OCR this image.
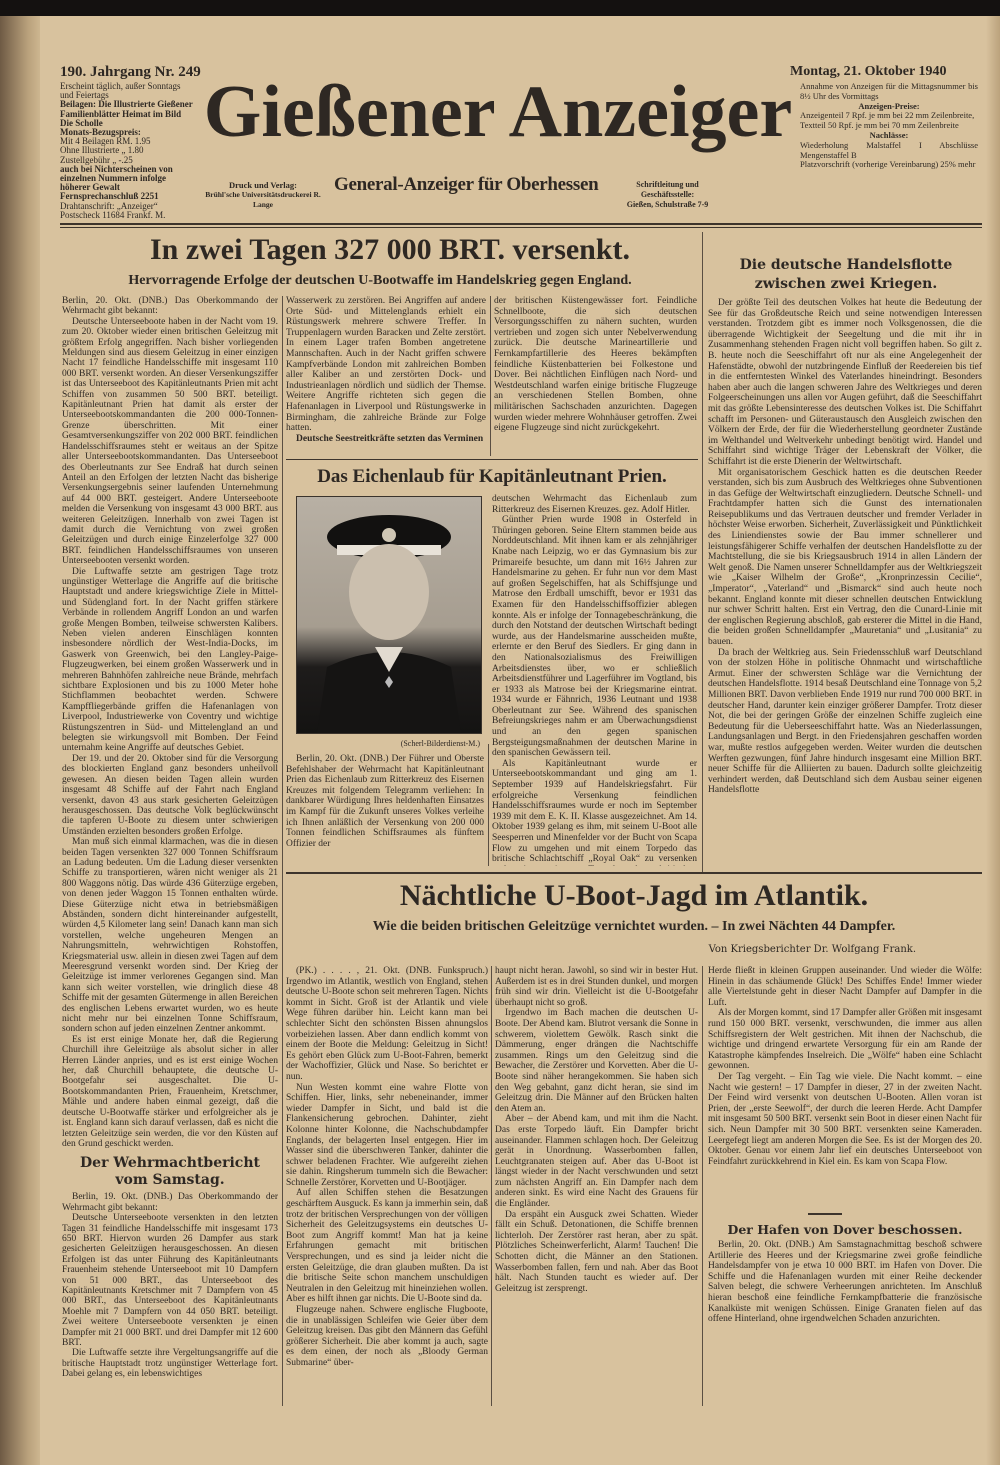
190. Jahrgang Nr. 249
Erscheint täglich, außer Sonntags und Feiertags
Beilagen: Die Illustrierte Gießener Familienblätter Heimat im Bild Die Scholle
Monats-Bezugspreis:
Mit 4 Beilagen RM. 1.95
Ohne Illustrierte „ 1.80
Zustellgebühr „ -.25
auch bei Nichterscheinen von einzelnen Nummern infolge höherer Gewalt
Fernsprechanschluß 2251
Drahtanschrift: „Anzeiger“
Postscheck 11684 Frankf. M.
Gießener Anzeiger
Druck und Verlag:
Brühl'sche Universitätsdruckerei R. Lange
General-Anzeiger für Oberhessen	Schriftleitung und Geschäftsstelle:
Gießen, Schulstraße 7-9
Montag, 21. Oktober 1940
Annahme von Anzeigen für die Mittagsnummer bis 8½ Uhr des Vormittags
Anzeigen-Preise:
Anzeigenteil 7 Rpf. je mm bei 22 mm Zeilenbreite,
Textteil 50 Rpf. je mm bei 70 mm Zeilenbreite
Nachlässe:
Wiederholung Malstaffel I Abschlüsse Mengenstaffel B
Platzvorschrift (vorherige Vereinbarung) 25% mehr
In zwei Tagen 327 000 BRT. versenkt.
Hervorragende Erfolge der deutschen U-Bootwaffe im Handelskrieg gegen England.

Berlin, 20. Okt. (DNB.) Das Oberkommando der Wehrmacht gibt bekannt:

Deutsche Unterseeboote haben in der Nacht vom 19. zum 20. Oktober wieder einen britischen Geleitzug mit größtem Erfolg angegriffen. Nach bisher vorliegenden Meldungen sind aus diesem Geleitzug in einer einzigen Nacht 17 feindliche Handelsschiffe mit insgesamt 110 000 BRT. versenkt worden. An dieser Versenkungsziffer ist das Unterseeboot des Kapitänleutnants Prien mit acht Schiffen von zusammen 50 500 BRT. beteiligt. Kapitänleutnant Prien hat damit als erster der Unterseebootskommandanten die 200 000-Tonnen-Grenze überschritten. Mit einer Gesamtversenkungsziffer von 202 000 BRT. feindlichen Handelsschiffsraumes steht er weitaus an der Spitze aller Unterseebootskommandanten. Das Unterseeboot des Oberleutnants zur See Endraß hat durch seinen Anteil an den Erfolgen der letzten Nacht das bisherige Versenkungsergebnis seiner laufenden Unternehmung auf 44 000 BRT. gesteigert. Andere Unterseeboote melden die Versenkung von insgesamt 43 000 BRT. aus weiteren Geleitzügen. Innerhalb von zwei Tagen ist damit durch die Vernichtung von zwei großen Geleitzügen und durch einige Einzelerfolge 327 000 BRT. feindlichen Handelsschiffsraumes von unseren Unterseebooten versenkt worden.

Die Luftwaffe setzte am gestrigen Tage trotz ungünstiger Wetterlage die Angriffe auf die britische Hauptstadt und andere kriegswichtige Ziele in Mittel- und Südengland fort. In der Nacht griffen stärkere Verbände in rollendem Angriff London an und warfen große Mengen Bomben, teilweise schwersten Kalibers. Neben vielen anderen Einschlägen konnten insbesondere nördlich der West-India-Docks, im Gaswerk von Greenwich, bei den Langley-Paige-Flugzeugwerken, bei einem großen Wasserwerk und in mehreren Bahnhöfen zahlreiche neue Brände, mehrfach sichtbare Explosionen und bis zu 1000 Meter hohe Stichflammen beobachtet werden. Schwere Kampffliegerbände griffen die Hafenanlagen von Liverpool, Industriewerke von Coventry und wichtige Rüstungszentren in Süd- und Mittelengland an und belegten sie wirkungsvoll mit Bomben. Der Feind unternahm keine Angriffe auf deutsches Gebiet.

Der 19. und der 20. Oktober sind für die Versorgung des blockierten England ganz besonders unheilvoll gewesen. An diesen beiden Tagen allein wurden insgesamt 48 Schiffe auf der Fahrt nach England versenkt, davon 43 aus stark gesicherten Geleitzügen herausgeschossen. Das deutsche Volk beglückwünscht die tapferen U-Boote zu diesem unter schwierigen Umständen erzielten besonders großen Erfolge.

Man muß sich einmal klarmachen, was die in diesen beiden Tagen versenkten 327 000 Tonnen Schiffsraum an Ladung bedeuten. Um die Ladung dieser versenkten Schiffe zu transportieren, wären nicht weniger als 21 800 Waggons nötig. Das würde 436 Güterzüge ergeben, von denen jeder Waggon 15 Tonnen enthalten würde. Diese Güterzüge nicht etwa in betriebsmäßigen Abständen, sondern dicht hintereinander aufgestellt, würden 4,5 Kilometer lang sein! Danach kann man sich vorstellen, welche ungeheuren Mengen an Nahrungsmitteln, wehrwichtigen Rohstoffen, Kriegsmaterial usw. allein in diesen zwei Tagen auf dem Meeresgrund versenkt worden sind. Der Krieg der Geleitzüge ist immer verlorenes Gegangen sind. Man kann sich weiter vorstellen, wie dringlich diese 48 Schiffe mit der gesamten Gütermenge in allen Bereichen des englischen Lebens erwartet wurden, wo es heute nicht mehr nur bei einzelnen Tonne Schiffsraum, sondern schon auf jeden einzelnen Zentner ankommt.

Es ist erst einige Monate her, daß die Regierung Churchill ihre Geleitzüge als absolut sicher in aller Herren Länder anpries, und es ist erst einige Wochen her, daß Churchill behauptete, die deutsche U-Bootgefahr sei ausgeschaltet. Die U-Bootskommandanten Prien, Frauenheim, Kretschmer, Mähle und andere haben einmal gezeigt, daß die deutsche U-Bootwaffe stärker und erfolgreicher als je ist. England kann sich darauf verlassen, daß es nicht die letzten Geleitzüge sein werden, die vor den Küsten auf den Grund geschickt werden.

Der Wehrmachtbericht vom Samstag.

Berlin, 19. Okt. (DNB.) Das Oberkommando der Wehrmacht gibt bekannt:

Deutsche Unterseeboote versenkten in den letzten Tagen 31 feindliche Handelsschiffe mit insgesamt 173 650 BRT. Hiervon wurden 26 Dampfer aus stark gesicherten Geleitzügen herausgeschossen. An diesen Erfolgen ist das unter Führung des Kapitänleutnants Frauenheim stehende Unterseeboot mit 10 Dampfern von 51 000 BRT., das Unterseeboot des Kapitänleutnants Kretschmer mit 7 Dampfern von 45 000 BRT., das Unterseeboot des Kapitänleutnants Moehle mit 7 Dampfern von 44 050 BRT. beteiligt. Zwei weitere Unterseeboote versenkten je einen Dampfer mit 21 000 BRT. und drei Dampfer mit 12 600 BRT.

Die Luftwaffe setzte ihre Vergeltungsangriffe auf die britische Hauptstadt trotz ungünstiger Wetterlage fort. Dabei gelang es, ein lebenswichtiges

Wasserwerk zu zerstören. Bei Angriffen auf andere Orte Süd- und Mittelenglands erhielt ein Rüstungswerk mehrere schwere Treffer. In Truppenlagern wurden Baracken und Zelte zerstört. In einem Lager trafen Bomben angetretene Mannschaften. Auch in der Nacht griffen schwere Kampfverbände London mit zahlreichen Bomben aller Kaliber an und zerstörten Dock- und Industrieanlagen nördlich und südlich der Themse. Weitere Angriffe richteten sich gegen die Hafenanlagen in Liverpool und Rüstungswerke in Birmingham, die zahlreiche Brände zur Folge hatten.

Deutsche Seestreitkräfte setzten das Verminen

der britischen Küstengewässer fort. Feindliche Schnellboote, die sich deutschen Versorgungsschiffen zu nähern suchten, wurden vertrieben und zogen sich unter Nebelverwendung zurück. Die deutsche Marineartillerie und Fernkampfartillerie des Heeres bekämpften feindliche Küstenbatterien bei Folkestone und Dover. Bei nächtlichen Einflügen nach Nord- und Westdeutschland warfen einige britische Flugzeuge an verschiedenen Stellen Bomben, ohne militärischen Sachschaden anzurichten. Dagegen wurden wieder mehrere Wohnhäuser getroffen. Zwei eigene Flugzeuge sind nicht zurückgekehrt.

Das Eichenlaub für Kapitänleutnant Prien.
(Scherl-Bilderdienst-M.)

deutschen Wehrmacht das Eichenlaub zum Ritterkreuz des Eisernen Kreuzes. gez. Adolf Hitler.

Günther Prien wurde 1908 in Osterfeld in Thüringen geboren. Seine Eltern stammen beide aus Norddeutschland. Mit ihnen kam er als zehnjähriger Knabe nach Leipzig, wo er das Gymnasium bis zur Primareife besuchte, um dann mit 16½ Jahren zur Handelsmarine zu gehen. Er fuhr nun vor dem Mast auf großen Segelschiffen, hat als Schiffsjunge und Matrose den Erdball umschifft, bevor er 1931 das Examen für den Handelsschiffsoffizier ablegen konnte. Als er infolge der Tonnagebeschränkung, die durch den Notstand der deutschen Wirtschaft bedingt wurde, aus der Handelsmarine ausscheiden mußte, erlernte er den Beruf des Siedlers. Er ging dann in den Nationalsozialismus des Freiwilligen Arbeitsdienstes über, wo er schließlich Arbeitsdienstführer und Lagerführer im Vogtland, bis er 1933 als Matrose bei der Kriegsmarine eintrat. 1934 wurde er Fähnrich, 1936 Leutnant und 1938 Oberleutnant zur See. Während des spanischen Befreiungskrieges nahm er am Überwachungsdienst und an den gegen spanischen Bergsteigungsmaßnahmen der deutschen Marine in den spanischen Gewässern teil.

Als Kapitänleutnant wurde er Unterseebootskommandant und ging am 1. September 1939 auf Handelskriegsfahrt. Für erfolgreiche Versenkung feindlichen Handelsschiffsraumes wurde er noch im September 1939 mit dem E. K. II. Klasse ausgezeichnet. Am 14. Oktober 1939 gelang es ihm, mit seinem U-Boot alle Seesperren und Minenfelder vor der Bucht von Scapa Flow zu umgehen und mit einem Torpedo das britische Schlachtschiff „Royal Oak“ zu versenken

Berlin, 20. Okt. (DNB.) Der Führer und Oberste Befehlshaber der Wehrmacht hat Kapitänleutnant Prien das Eichenlaub zum Ritterkreuz des Eisernen Kreuzes mit folgendem Telegramm verliehen: In dankbarer Würdigung Ihres heldenhaften Einsatzes im Kampf für die Zukunft unseres Volkes verleihe ich Ihnen anläßlich der Versenkung von 200 000 Tonnen feindlichen Schiffsraumes als fünftem Offizier der

Die deutsche Handelsflotte zwischen zwei Kriegen.

Der größte Teil des deutschen Volkes hat heute die Bedeutung der See für das Großdeutsche Reich und seine notwendigen Interessen verstanden. Trotzdem gibt es immer noch Volksgenossen, die die überragende Wichtigkeit der Seegeltung und die mit ihr in Zusammenhang stehenden Fragen nicht voll begriffen haben. So gilt z. B. heute noch die Seeschiffahrt oft nur als eine Angelegenheit der Hafenstädte, obwohl der nutzbringende Einfluß der Reedereien bis tief in die entferntesten Winkel des Vaterlandes hineindringt. Besonders haben aber auch die langen schweren Jahre des Weltkrieges und deren Folgeerscheinungen uns allen vor Augen geführt, daß die Seeschiffahrt mit das größte Lebensinteresse des deutschen Volkes ist. Die Schiffahrt schafft im Personen- und Güteraustausch den Ausgleich zwischen den Völkern der Erde, der für die Wiederherstellung geordneter Zustände im Welthandel und Weltverkehr unbedingt benötigt wird. Handel und Schiffahrt sind wichtige Träger der Lebenskraft der Völker, die Schiffahrt ist die erste Dienerin der Weltwirtschaft.

Mit organisatorischem Geschick hatten es die deutschen Reeder verstanden, sich bis zum Ausbruch des Weltkrieges ohne Subventionen in das Gefüge der Weltwirtschaft einzugliedern. Deutsche Schnell- und Frachtdampfer hatten sich die Gunst des internationalen Reisepublikums und das Vertrauen deutscher und fremder Verlader in höchster Weise erworben. Sicherheit, Zuverlässigkeit und Pünktlichkeit des Liniendienstes sowie der Bau immer schnellerer und leistungsfähigerer Schiffe verhalfen der deutschen Handelsflotte zu der Machtstellung, die sie bis Kriegsausbruch 1914 in allen Ländern der Welt genoß. Die Namen unserer Schnelldampfer aus der Weltkriegszeit wie „Kaiser Wilhelm der Große“, „Kronprinzessin Cecilie“, „Imperator“, „Vaterland“ und „Bismarck“ sind auch heute noch bekannt. England konnte mit dieser schnellen deutschen Entwicklung nur schwer Schritt halten. Erst ein Vertrag, den die Cunard-Linie mit der englischen Regierung abschloß, gab ersterer die Mittel in die Hand, die beiden großen Schnelldampfer „Mauretania“ und „Lusitania“ zu bauen.

Da brach der Weltkrieg aus. Sein Friedensschluß warf Deutschland von der stolzen Höhe in politische Ohnmacht und wirtschaftliche Armut. Einer der schwersten Schläge war die Vernichtung der deutschen Handelsflotte. 1914 besaß Deutschland eine Tonnage von 5,2 Millionen BRT. Davon verblieben Ende 1919 nur rund 700 000 BRT. in deutscher Hand, darunter kein einziger größerer Dampfer. Trotz dieser Not, die bei der geringen Größe der einzelnen Schiffe zugleich eine Bedeutung für die Ueberseeschiffahrt hatte. Was an Niederlassungen, Landungsanlagen und Bergt. in den Friedensjahren geschaffen worden war, mußte restlos aufgegeben werden. Weiter wurden die deutschen Werften gezwungen, fünf Jahre hindurch insgesamt eine Million BRT. neuer Schiffe für die Alliierten zu bauen. Dadurch sollte gleichzeitig verhindert werden, daß Deutschland sich dem Ausbau seiner eigenen Handelsflotte

Nächtliche U-Boot-Jagd im Atlantik.
Wie die beiden britischen Geleitzüge vernichtet wurden. – In zwei Nächten 44 Dampfer.
Von Kriegsberichter Dr. Wolfgang Frank.

(PK.) . . . . , 21. Okt. (DNB. Funkspruch.) Irgendwo im Atlantik, westlich von England, stehen deutsche U-Boote schon seit mehreren Tagen. Nichts kommt in Sicht. Groß ist der Atlantik und viele Wege führen darüber hin. Leicht kann man bei schlechter Sicht den schönsten Bissen ahnungslos vorbeiziehen lassen. Aber dann endlich kommt von einem der Boote die Meldung: Geleitzug in Sicht! Es gehört eben Glück zum U-Boot-Fahren, bemerkt der Wachoffizier, Glück und Nase. So berichtet er nun.

Nun Westen kommt eine wahre Flotte von Schiffen. Hier, links, sehr nebeneinander, immer wieder Dampfer in Sicht, und bald ist die Flankensicherung gebrochen. Dahinter, zieht Kolonne hinter Kolonne, die Nachschubdampfer Englands, der belagerten Insel entgegen. Hier im Wasser sind die überschweren Tanker, dahinter die schwer beladenen Frachter. Wie aufgereiht ziehen sie dahin. Ringsherum tummeln sich die Bewacher: Schnelle Zerstörer, Korvetten und U-Bootjäger.

Auf allen Schiffen stehen die Besatzungen geschärftem Ausguck. Es kann ja immerhin sein, daß trotz der britischen Versprechungen von der völligen Sicherheit des Geleitzugsystems ein deutsches U-Boot zum Angriff kommt! Man hat ja keine Erfahrungen gemacht mit britischen Versprechungen, und es sind ja leider nicht die ersten Geleitzüge, die dran glauben mußten. Da ist die britische Seite schon manchem unschuldigen Neutralen in den Geleitzug mit hineinziehen wollen. Aber es hilft ihnen gar nichts. Die U-Boote sind da.

Flugzeuge nahen. Schwere englische Flugboote, die in unablässigen Schleifen wie Geier über dem Geleitzug kreisen. Das gibt den Männern das Gefühl größerer Sicherheit. Die aber kommt ja auch, sagte es dem einen, der noch als „Bloody German Submarine“ über-

haupt nicht heran. Jawohl, so sind wir in bester Hut. Außerdem ist es in drei Stunden dunkel, und morgen früh sind wir drin. Vielleicht ist die U-Bootgefahr überhaupt nicht so groß.

Irgendwo im Bach machen die deutschen U-Boote. Der Abend kam. Blutrot versank die Sonne in schwerem, violettem Gewölk. Rasch sinkt die Dämmerung, enger drängen die Nachtschiffe zusammen. Rings um den Geleitzug sind die Bewacher, die Zerstörer und Korvetten. Aber die U-Boote sind näher herangekommen. Sie haben sich den Weg gebahnt, ganz dicht heran, sie sind im Geleitzug drin. Die Männer auf den Brücken halten den Atem an.

Aber – der Abend kam, und mit ihm die Nacht. Das erste Torpedo läuft. Ein Dampfer bricht auseinander. Flammen schlagen hoch. Der Geleitzug gerät in Unordnung. Wasserbomben fallen, Leuchtgranaten steigen auf. Aber das U-Boot ist längst wieder in der Nacht verschwunden und setzt zum nächsten Angriff an. Ein Dampfer nach dem anderen sinkt. Es wird eine Nacht des Grauens für die Engländer.

Da erspäht ein Ausguck zwei Schatten. Wieder fällt ein Schuß. Detonationen, die Schiffe brennen lichterloh. Der Zerstörer rast heran, aber zu spät. Plötzliches Scheinwerferlicht, Alarm! Tauchen! Die Schotten dicht, die Männer an den Stationen. Wasserbomben fallen, fern und nah. Aber das Boot hält. Nach Stunden taucht es wieder auf. Der Geleitzug ist zersprengt.

Herde fließt in kleinen Gruppen auseinander. Und wieder die Wölfe: Hinein in das schäumende Glück! Des Schiffes Ende! Immer wieder alle Viertelstunde geht in dieser Nacht Dampfer auf Dampfer in die Luft.

Als der Morgen kommt, sind 17 Dampfer aller Größen mit insgesamt rund 150 000 BRT. versenkt, verschwunden, die immer aus allen Schiffsregistern der Welt gestrichen. Mit ihnen der Nachschub, die wichtige und dringend erwartete Versorgung für ein am Rande der Katastrophe kämpfendes Inselreich. Die „Wölfe“ haben eine Schlacht gewonnen.

Der Tag vergeht. – Ein Tag wie viele. Die Nacht kommt. – eine Nacht wie gestern! – 17 Dampfer in dieser, 27 in der zweiten Nacht. Der Feind wird versenkt von deutschen U-Booten. Allen voran ist Prien, der „erste Seewolf“, der durch die leeren Herde. Acht Dampfer mit insgesamt 50 500 BRT. versenkt sein Boot in dieser einen Nacht für sich. Neun Dampfer mit 30 500 BRT. versenkten seine Kameraden. Leergefegt liegt am anderen Morgen die See. Es ist der Morgen des 20. Oktober. Genau vor einem Jahr lief ein deutsches Unterseeboot von Feindfahrt zurückkehrend in Kiel ein. Es kam von Scapa Flow.

Der Hafen von Dover beschossen.

Berlin, 20. Okt. (DNB.) Am Samstagnachmittag beschoß schwere Artillerie des Heeres und der Kriegsmarine zwei große feindliche Handelsdampfer von je etwa 10 000 BRT. im Hafen von Dover. Die Schiffe und die Hafenanlagen wurden mit einer Reihe deckender Salven belegt, die schwere Verheerungen anrichteten. Im Anschluß hieran beschoß eine feindliche Fernkampfbatterie die französische Kanalküste mit wenigen Schüssen. Einige Granaten fielen auf das offene Hinterland, ohne irgendwelchen Schaden anzurichten.
